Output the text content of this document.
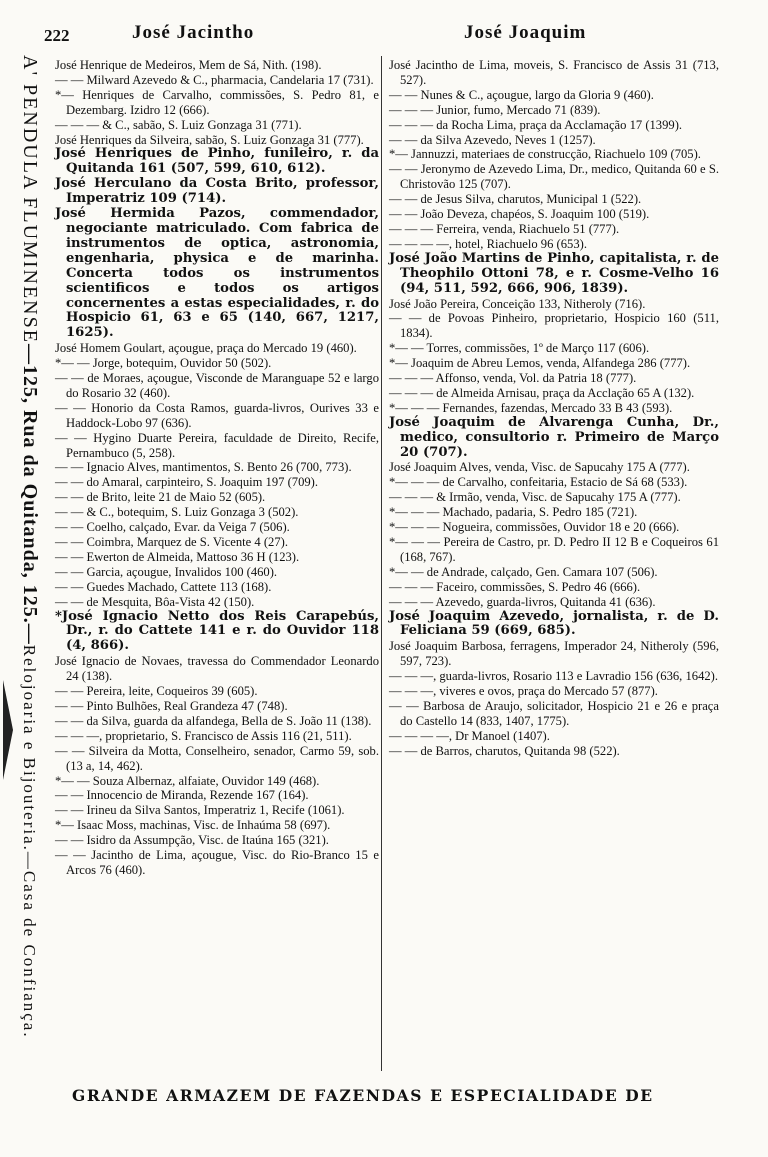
222	José Jacintho	José Joaquim
A' PENDULA FLUMINENSE—125, Rua da Quitanda, 125.—Relojoaria e Bijouteria.—Casa de Confiança.

José Henrique de Medeiros, Mem de Sá, Nith. (198).

— — Milward Azevedo & C., pharmacia, Candelaria 17 (731).

*— Henriques de Carvalho, commissões, S. Pedro 81, e Dezembarg. Izidro 12 (666).

— — — & C., sabão, S. Luiz Gonzaga 31 (771).

José Henriques da Silveira, sabão, S. Luiz Gonzaga 31 (777).

José Henriques de Pinho, funileiro, r. da Quitanda 161 (507, 599, 610, 612).

José Herculano da Costa Brito, professor, Imperatriz 109 (714).

José Hermida Pazos, commendador, negociante matriculado. Com fabrica de instrumentos de optica, astronomia, engenharia, physica e de marinha. Concerta todos os instrumentos scientificos e todos os artigos concernentes a estas especialidades, r. do Hospicio 61, 63 e 65 (140, 667, 1217, 1625).

José Homem Goulart, açougue, praça do Mercado 19 (460).

*— — Jorge, botequim, Ouvidor 50 (502).

— — de Moraes, açougue, Visconde de Maranguape 52 e largo do Rosario 32 (460).

— — Honorio da Costa Ramos, guarda-livros, Ourives 33 e Haddock-Lobo 97 (636).

— — Hygino Duarte Pereira, faculdade de Direito, Recife, Pernambuco (5, 258).

— — Ignacio Alves, mantimentos, S. Bento 26 (700, 773).

— — do Amaral, carpinteiro, S. Joaquim 197 (709).

— — de Brito, leite 21 de Maio 52 (605).

— — & C., botequim, S. Luiz Gonzaga 3 (502).

— — Coelho, calçado, Evar. da Veiga 7 (506).

— — Coimbra, Marquez de S. Vicente 4 (27).

— — Ewerton de Almeida, Mattoso 36 H (123).

— — Garcia, açougue, Invalidos 100 (460).

— — Guedes Machado, Cattete 113 (168).

— — de Mesquita, Bôa-Vista 42 (150).

*José Ignacio Netto dos Reis Carapebús, Dr., r. do Cattete 141 e r. do Ouvidor 118 (4, 866).

José Ignacio de Novaes, travessa do Commendador Leonardo 24 (138).

— — Pereira, leite, Coqueiros 39 (605).

— — Pinto Bulhões, Real Grandeza 47 (748).

— — da Silva, guarda da alfandega, Bella de S. João 11 (138).

— — —, proprietario, S. Francisco de Assis 116 (21, 511).

— — Silveira da Motta, Conselheiro, senador, Carmo 59, sob. (13 a, 14, 462).

*— — Souza Albernaz, alfaiate, Ouvidor 149 (468).

— — Innocencio de Miranda, Rezende 167 (164).

— — Irineu da Silva Santos, Imperatriz 1, Recife (1061).

*— Isaac Moss, machinas, Visc. de Inhaúma 58 (697).

— — Isidro da Assumpção, Visc. de Itaúna 165 (321).

— — Jacintho de Lima, açougue, Visc. do Rio-Branco 15 e Arcos 76 (460).

José Jacintho de Lima, moveis, S. Francisco de Assis 31 (713, 527).

— — Nunes & C., açougue, largo da Gloria 9 (460).

— — — Junior, fumo, Mercado 71 (839).

— — — da Rocha Lima, praça da Acclamação 17 (1399).

— — da Silva Azevedo, Neves 1 (1257).

*— Jannuzzi, materiaes de construcção, Riachuelo 109 (705).

— — Jeronymo de Azevedo Lima, Dr., medico, Quitanda 60 e S. Christovão 125 (707).

— — de Jesus Silva, charutos, Municipal 1 (522).

— — João Deveza, chapéos, S. Joaquim 100 (519).

— — — Ferreira, venda, Riachuelo 51 (777).

— — — —, hotel, Riachuelo 96 (653).

José João Martins de Pinho, capitalista, r. de Theophilo Ottoni 78, e r. Cosme-Velho 16 (94, 511, 592, 666, 906, 1839).

José João Pereira, Conceição 133, Nitheroly (716).

— — de Povoas Pinheiro, proprietario, Hospicio 160 (511, 1834).

*— — Torres, commissões, 1º de Março 117 (606).

*— Joaquim de Abreu Lemos, venda, Alfandega 286 (777).

— — — Affonso, venda, Vol. da Patria 18 (777).

— — — de Almeida Arnisau, praça da Acclação 65 A (132).

*— — — Fernandes, fazendas, Mercado 33 B 43 (593).

José Joaquim de Alvarenga Cunha, Dr., medico, consultorio r. Primeiro de Março 20 (707).

José Joaquim Alves, venda, Visc. de Sapucahy 175 A (777).

*— — — de Carvalho, confeitaria, Estacio de Sá 68 (533).

— — — & Irmão, venda, Visc. de Sapucahy 175 A (777).

*— — — Machado, padaria, S. Pedro 185 (721).

*— — — Nogueira, commissões, Ouvidor 18 e 20 (666).

*— — — Pereira de Castro, pr. D. Pedro II 12 B e Coqueiros 61 (168, 767).

*— — de Andrade, calçado, Gen. Camara 107 (506).

— — — Faceiro, commissões, S. Pedro 46 (666).

— — — Azevedo, guarda-livros, Quitanda 41 (636).

José Joaquim Azevedo, jornalista, r. de D. Feliciana 59 (669, 685).

José Joaquim Barbosa, ferragens, Imperador 24, Nitheroly (596, 597, 723).

— — —, guarda-livros, Rosario 113 e Lavradio 156 (636, 1642).

— — —, viveres e ovos, praça do Mercado 57 (877).

— — Barbosa de Araujo, solicitador, Hospicio 21 e 26 e praça do Castello 14 (833, 1407, 1775).

— — — —, Dr Manoel (1407).

— — de Barros, charutos, Quitanda 98 (522).

GRANDE ARMAZEM DE FAZENDAS E ESPECIALIDADE DE
